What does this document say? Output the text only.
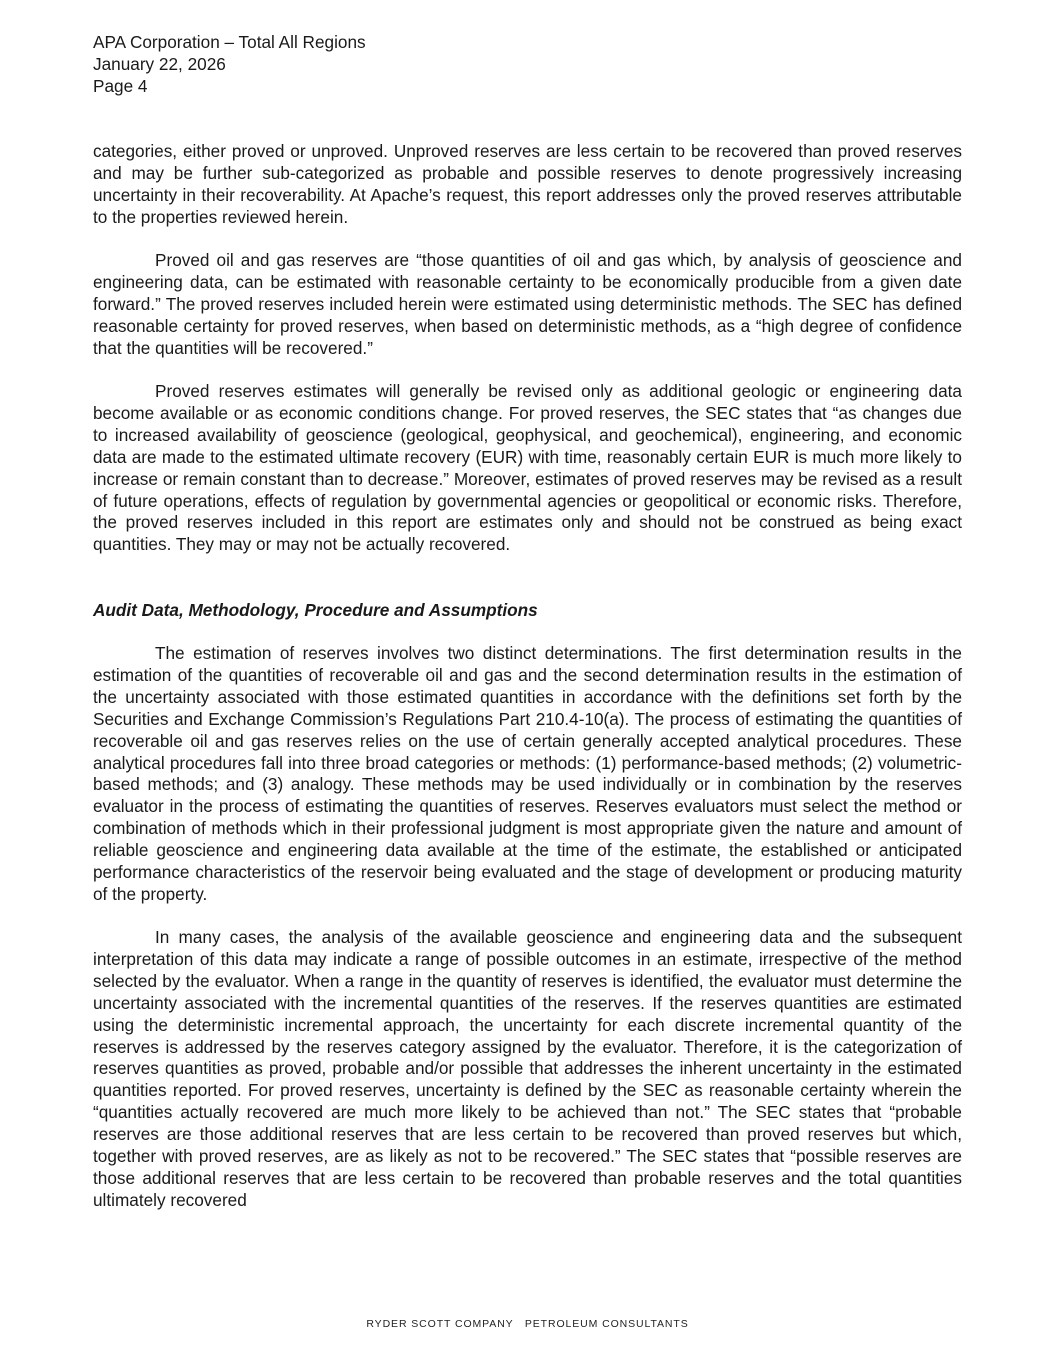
APA Corporation – Total All Regions
January 22, 2026
Page 4

categories, either proved or unproved. Unproved reserves are less certain to be recovered than proved reserves and may be further sub-categorized as probable and possible reserves to denote progressively increasing uncertainty in their recoverability. At Apache’s request, this report addresses only the proved reserves attributable to the properties reviewed herein.

Proved oil and gas reserves are “those quantities of oil and gas which, by analysis of geoscience and engineering data, can be estimated with reasonable certainty to be economically producible from a given date forward.” The proved reserves included herein were estimated using deterministic methods. The SEC has defined reasonable certainty for proved reserves, when based on deterministic methods, as a “high degree of confidence that the quantities will be recovered.”

Proved reserves estimates will generally be revised only as additional geologic or engineering data become available or as economic conditions change. For proved reserves, the SEC states that “as changes due to increased availability of geoscience (geological, geophysical, and geochemical), engineering, and economic data are made to the estimated ultimate recovery (EUR) with time, reasonably certain EUR is much more likely to increase or remain constant than to decrease.” Moreover, estimates of proved reserves may be revised as a result of future operations, effects of regulation by governmental agencies or geopolitical or economic risks. Therefore, the proved reserves included in this report are estimates only and should not be construed as being exact quantities. They may or may not be actually recovered.

Audit Data, Methodology, Procedure and Assumptions

The estimation of reserves involves two distinct determinations. The first determination results in the estimation of the quantities of recoverable oil and gas and the second determination results in the estimation of the uncertainty associated with those estimated quantities in accordance with the definitions set forth by the Securities and Exchange Commission’s Regulations Part 210.4-10(a). The process of estimating the quantities of recoverable oil and gas reserves relies on the use of certain generally accepted analytical procedures. These analytical procedures fall into three broad categories or methods: (1) performance-based methods; (2) volumetric-based methods; and (3) analogy. These methods may be used individually or in combination by the reserves evaluator in the process of estimating the quantities of reserves. Reserves evaluators must select the method or combination of methods which in their professional judgment is most appropriate given the nature and amount of reliable geoscience and engineering data available at the time of the estimate, the established or anticipated performance characteristics of the reservoir being evaluated and the stage of development or producing maturity of the property.

In many cases, the analysis of the available geoscience and engineering data and the subsequent interpretation of this data may indicate a range of possible outcomes in an estimate, irrespective of the method selected by the evaluator. When a range in the quantity of reserves is identified, the evaluator must determine the uncertainty associated with the incremental quantities of the reserves. If the reserves quantities are estimated using the deterministic incremental approach, the uncertainty for each discrete incremental quantity of the reserves is addressed by the reserves category assigned by the evaluator. Therefore, it is the categorization of reserves quantities as proved, probable and/or possible that addresses the inherent uncertainty in the estimated quantities reported. For proved reserves, uncertainty is defined by the SEC as reasonable certainty wherein the “quantities actually recovered are much more likely to be achieved than not.” The SEC states that “probable reserves are those additional reserves that are less certain to be recovered than proved reserves but which, together with proved reserves, are as likely as not to be recovered.” The SEC states that “possible reserves are those additional reserves that are less certain to be recovered than probable reserves and the total quantities ultimately recovered

RYDER SCOTT COMPANY   PETROLEUM CONSULTANTS
